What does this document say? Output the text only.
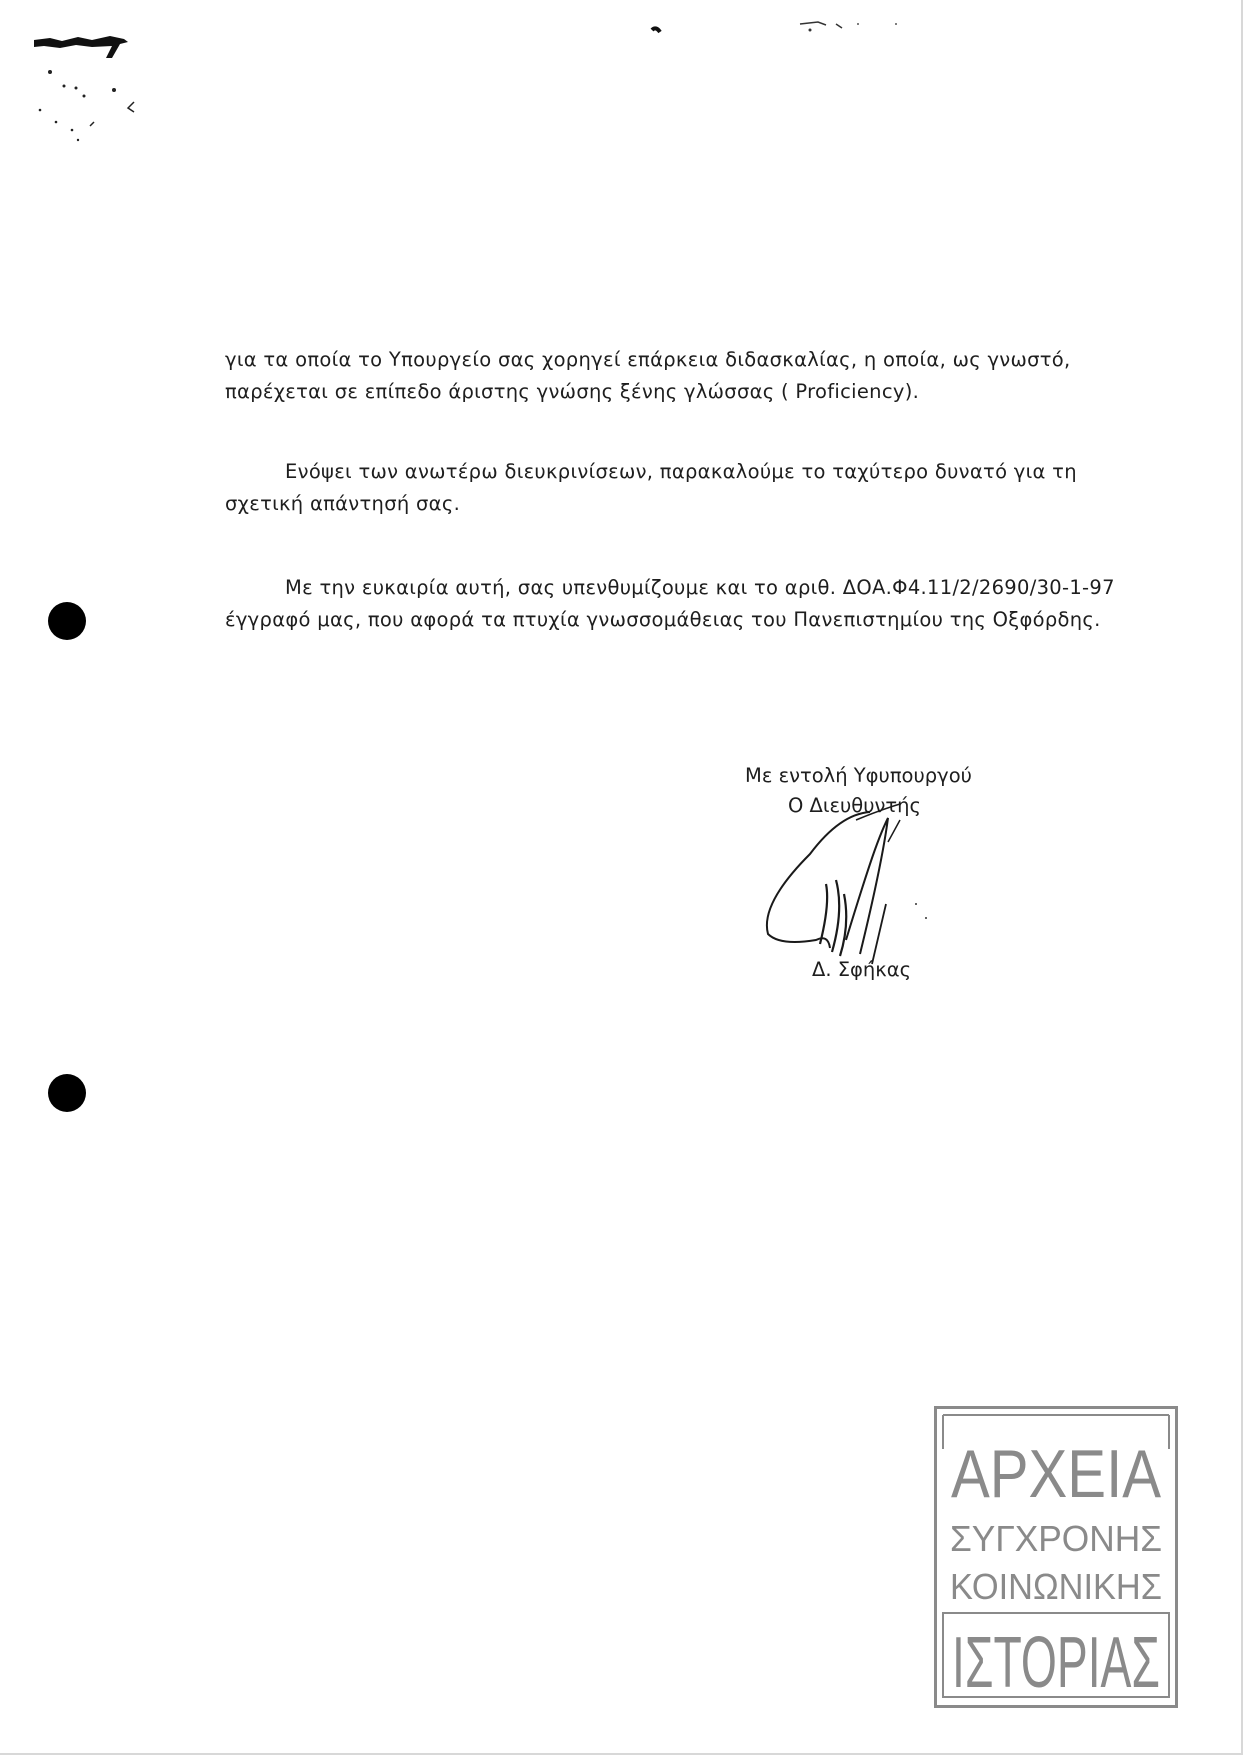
για τα οποία το Υπουργείο σας χορηγεί επάρκεια διδασκαλίας, η οποία, ως γνωστό,
παρέχεται σε επίπεδο άριστης γνώσης ξένης γλώσσας ( Proficiency).
Ενόψει των ανωτέρω διευκρινίσεων, παρακαλούμε το ταχύτερο δυνατό για τη
σχετική απάντησή σας.
Με την ευκαιρία αυτή, σας υπενθυμίζουμε και το αριθ. ΔΟΑ.Φ4.11/2/2690/30-1-97
έγγραφό μας, που αφορά τα πτυχία γνωσσομάθειας του Πανεπιστημίου της Οξφόρδης.
Με εντολή Υφυπουργού
Ο Διευθυντής
Δ. Σφήκας
ΑΡΧΕΙΑ
ΣΥΓΧΡΟΝΗΣ
ΚΟΙΝΩΝΙΚΗΣ
ΙΣΤΟΡΙΑΣ
